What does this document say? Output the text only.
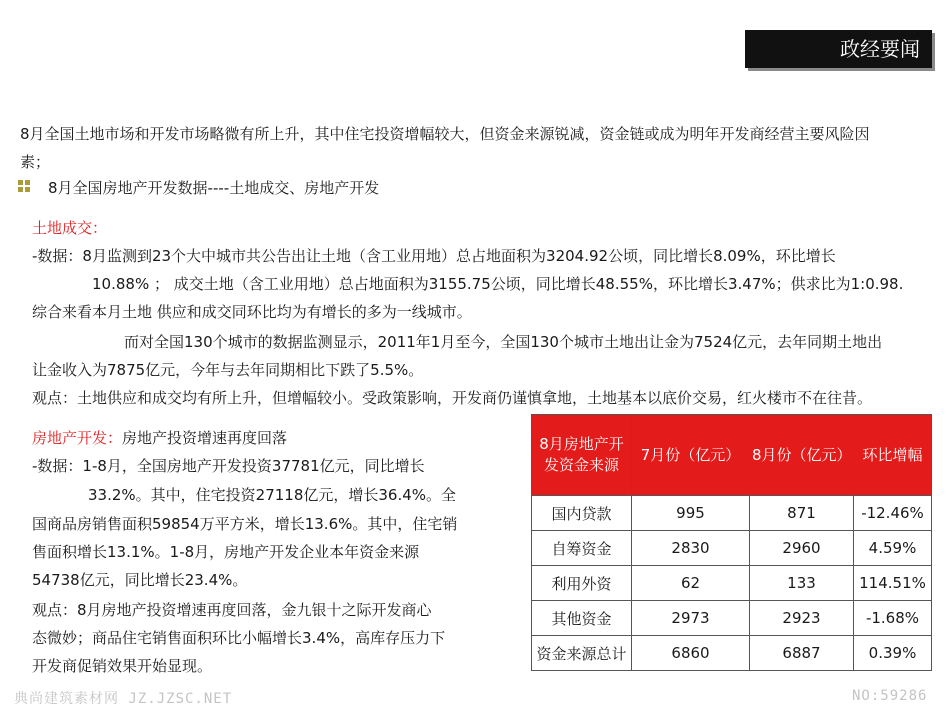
政经要闻
8月全国土地市场和开发市场略微有所上升，其中住宅投资增幅较大，但资金来源锐减，资金链或成为明年开发商经营主要风险因
素；
8月全国房地产开发数据----土地成交、房地产开发
土地成交：
-数据：8月监测到23个大中城市共公告出让土地（含工业用地）总占地面积为3204.92公顷，同比增长8.09%，环比增长
10.88% ； 成交土地（含工业用地）总占地面积为3155.75公顷，同比增长48.55%，环比增长3.47%；供求比为1:0.98.
综合来看本月土地 供应和成交同环比均为有增长的多为一线城市。
而对全国130个城市的数据监测显示，2011年1月至今，全国130个城市土地出让金为7524亿元，去年同期土地出
让金收入为7875亿元，今年与去年同期相比下跌了5.5%。
观点：土地供应和成交均有所上升，但增幅较小。受政策影响，开发商仍谨慎拿地，土地基本以底价交易，红火楼市不在往昔。
房地产开发：房地产投资增速再度回落
-数据：1-8月，全国房地产开发投资37781亿元，同比增长
33.2%。其中，住宅投资27118亿元，增长36.4%。全
国商品房销售面积59854万平方米，增长13.6%。其中，住宅销
售面积增长13.1%。1-8月，房地产开发企业本年资金来源
54738亿元，同比增长23.4%。
观点：8月房地产投资增速再度回落，金九银十之际开发商心
态微妙；商品住宅销售面积环比小幅增长3.4%，高库存压力下
开发商促销效果开始显现。
8月房地产开发资金来源	7月份（亿元）	8月份（亿元）	环比增幅
国内贷款	995	871	-12.46%
自筹资金	2830	2960	4.59%
利用外资	62	133	114.51%
其他资金	2973	2923	-1.68%
资金来源总计	6860	6887	0.39%
典尚建筑素材网 JZ.JZSC.NET	NO:59286
